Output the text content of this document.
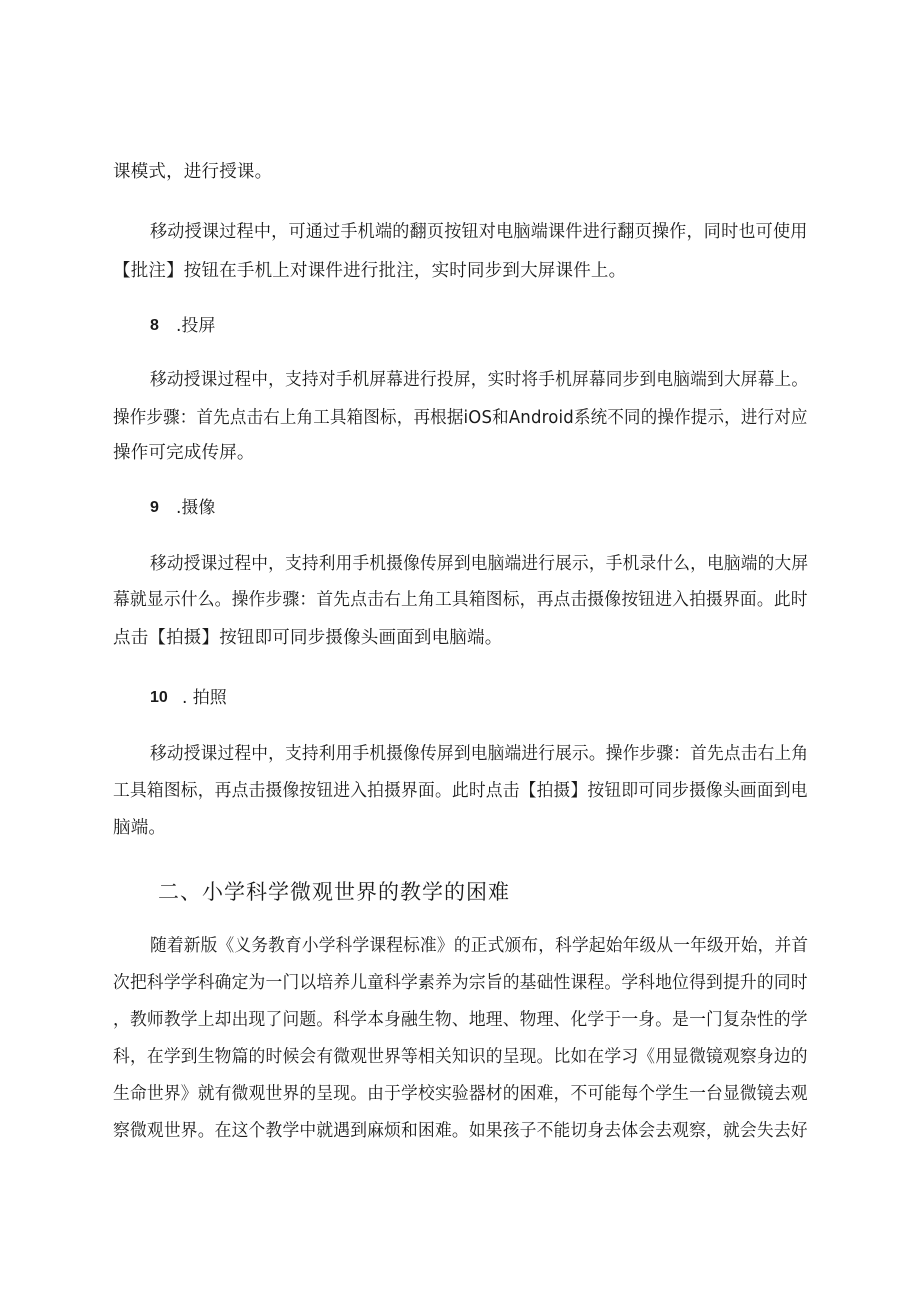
课模式，进行授课。
移动授课过程中，可通过手机端的翻页按钮对电脑端课件进行翻页操作，同时也可使用
【批注】按钮在手机上对课件进行批注，实时同步到大屏课件上。
8 .投屏
移动授课过程中，支持对手机屏幕进行投屏，实时将手机屏幕同步到电脑端到大屏幕上。
操作步骤：首先点击右上角工具箱图标，再根据iOS和Android系统不同的操作提示，进行对应
操作可完成传屏。
9 .摄像
移动授课过程中，支持利用手机摄像传屏到电脑端进行展示，手机录什么，电脑端的大屏
幕就显示什么。操作步骤：首先点击右上角工具箱图标，再点击摄像按钮进入拍摄界面。此时
点击【拍摄】按钮即可同步摄像头画面到电脑端。
10 . 拍照
移动授课过程中，支持利用手机摄像传屏到电脑端进行展示。操作步骤：首先点击右上角
工具箱图标，再点击摄像按钮进入拍摄界面。此时点击【拍摄】按钮即可同步摄像头画面到电
脑端。
二、小学科学微观世界的教学的困难
随着新版《义务教育小学科学课程标准》的正式颁布，科学起始年级从一年级开始，并首
次把科学学科确定为一门以培养儿童科学素养为宗旨的基础性课程。学科地位得到提升的同时
，教师教学上却出现了问题。科学本身融生物、地理、物理、化学于一身。是一门复杂性的学
科，在学到生物篇的时候会有微观世界等相关知识的呈现。比如在学习《用显微镜观察身边的
生命世界》就有微观世界的呈现。由于学校实验器材的困难，不可能每个学生一台显微镜去观
察微观世界。在这个教学中就遇到麻烦和困难。如果孩子不能切身去体会去观察，就会失去好
